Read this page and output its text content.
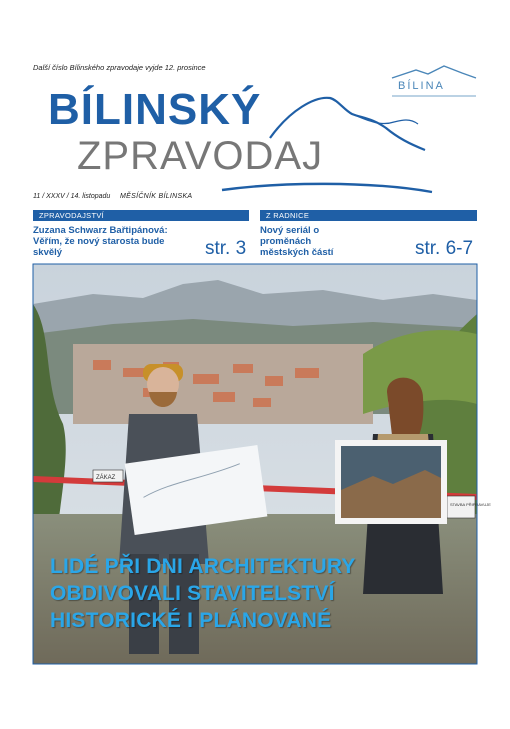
Další číslo Bílinského zpravodaje vyjde 12. prosince
BÍLINA
BÍLINSKÝ
ZPRAVODAJ
11 / XXXV / 14. listopadu MĚSÍČNÍK BÍLINSKA
ZPRAVODAJSTVÍ	Z RADNICE
Zuzana Schwarz Bařtipánová: Věřím, že nový starosta bude skvělý	str. 3
Nový seriál o proměnách městských částí	str. 6-7
ZÁKAZ
STAVBA PŘIPRAVUJE
LIDÉ PŘI DNI ARCHITEKTURY
OBDIVOVALI STAVITELSTVÍ
HISTORICKÉ I PLÁNOVANÉ
